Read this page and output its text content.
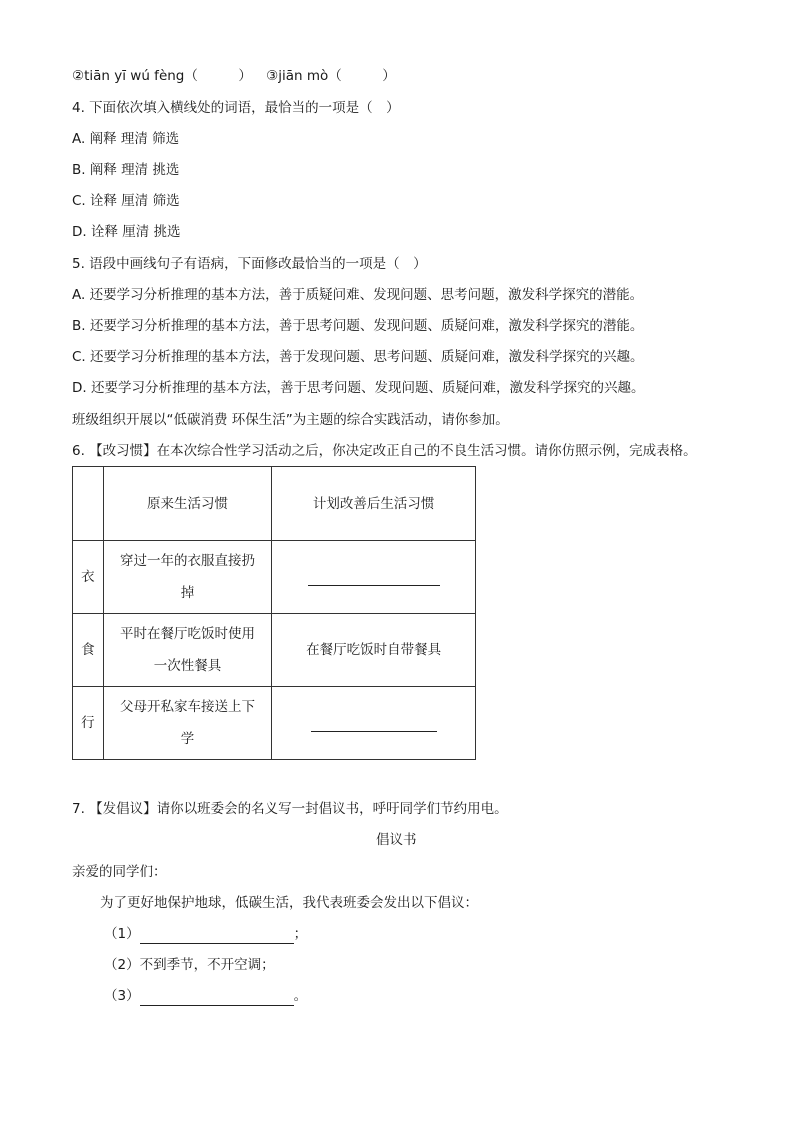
②tiān yī wú fèng（　　　） ③jiān mò（　　　）
4. 下面依次填入横线处的词语，最恰当的一项是（　）
A. 阐释 理清 筛选
B. 阐释 理清 挑选
C. 诠释 厘清 筛选
D. 诠释 厘清 挑选
5. 语段中画线句子有语病，下面修改最恰当的一项是（　）
A. 还要学习分析推理的基本方法，善于质疑问难、发现问题、思考问题，激发科学探究的潜能。
B. 还要学习分析推理的基本方法，善于思考问题、发现问题、质疑问难，激发科学探究的潜能。
C. 还要学习分析推理的基本方法，善于发现问题、思考问题、质疑问难，激发科学探究的兴趣。
D. 还要学习分析推理的基本方法，善于思考问题、发现问题、质疑问难，激发科学探究的兴趣。
班级组织开展以“低碳消费 环保生活”为主题的综合实践活动，请你参加。
6. 【改习惯】在本次综合性学习活动之后，你决定改正自己的不良生活习惯。请你仿照示例，完成表格。
	原来生活习惯	计划改善后生活习惯
衣	穿过一年的衣服直接扔掉	
食	平时在餐厅吃饭时使用一次性餐具	在餐厅吃饭时自带餐具
行	父母开私家车接送上下学	
7. 【发倡议】请你以班委会的名义写一封倡议书，呼吁同学们节约用电。
倡议书
亲爱的同学们：
为了更好地保护地球，低碳生活，我代表班委会发出以下倡议：
（1）	；
（2）不到季节，不开空调；
（3）	。
